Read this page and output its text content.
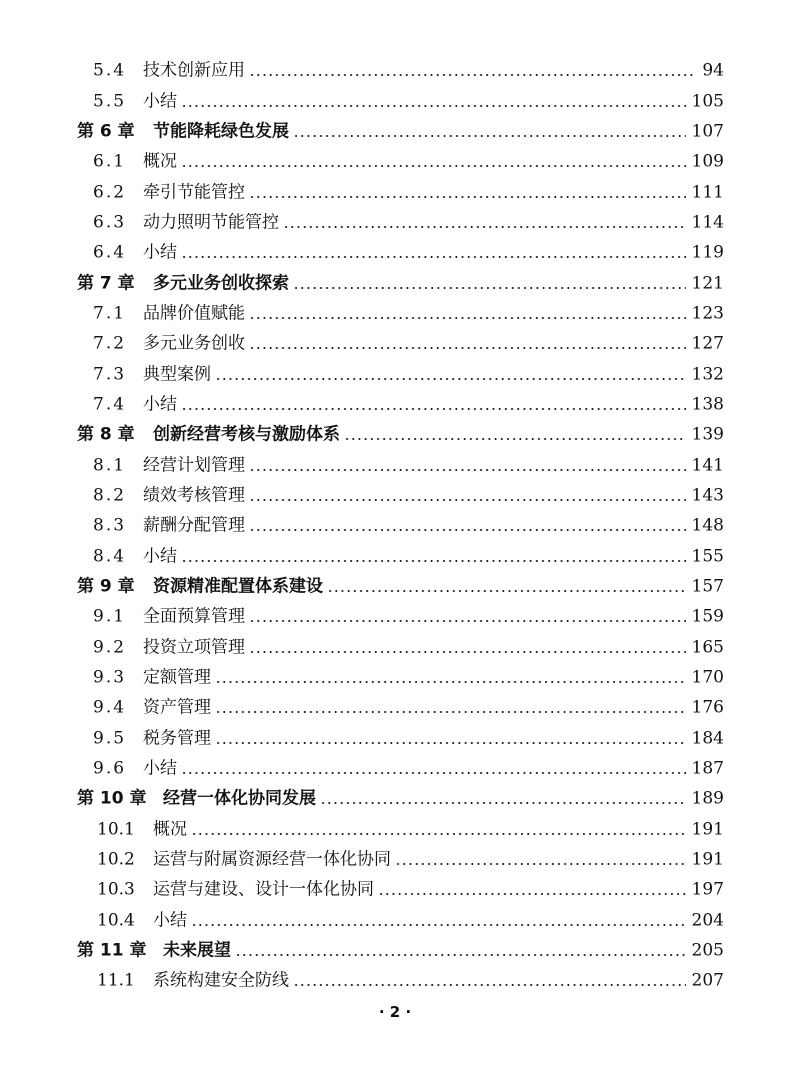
5.4 技术创新应用	94
5.5 小结	105
第 6 章 节能降耗绿色发展	107
6.1 概况	109
6.2 牵引节能管控	111
6.3 动力照明节能管控	114
6.4 小结	119
第 7 章 多元业务创收探索	121
7.1 品牌价值赋能	123
7.2 多元业务创收	127
7.3 典型案例	132
7.4 小结	138
第 8 章 创新经营考核与激励体系	139
8.1 经营计划管理	141
8.2 绩效考核管理	143
8.3 薪酬分配管理	148
8.4 小结	155
第 9 章 资源精准配置体系建设	157
9.1 全面预算管理	159
9.2 投资立项管理	165
9.3 定额管理	170
9.4 资产管理	176
9.5 税务管理	184
9.6 小结	187
第 10 章 经营一体化协同发展	189
10.1 概况	191
10.2 运营与附属资源经营一体化协同	191
10.3 运营与建设、设计一体化协同	197
10.4 小结	204
第 11 章 未来展望	205
11.1 系统构建安全防线	207
· 2 ·
